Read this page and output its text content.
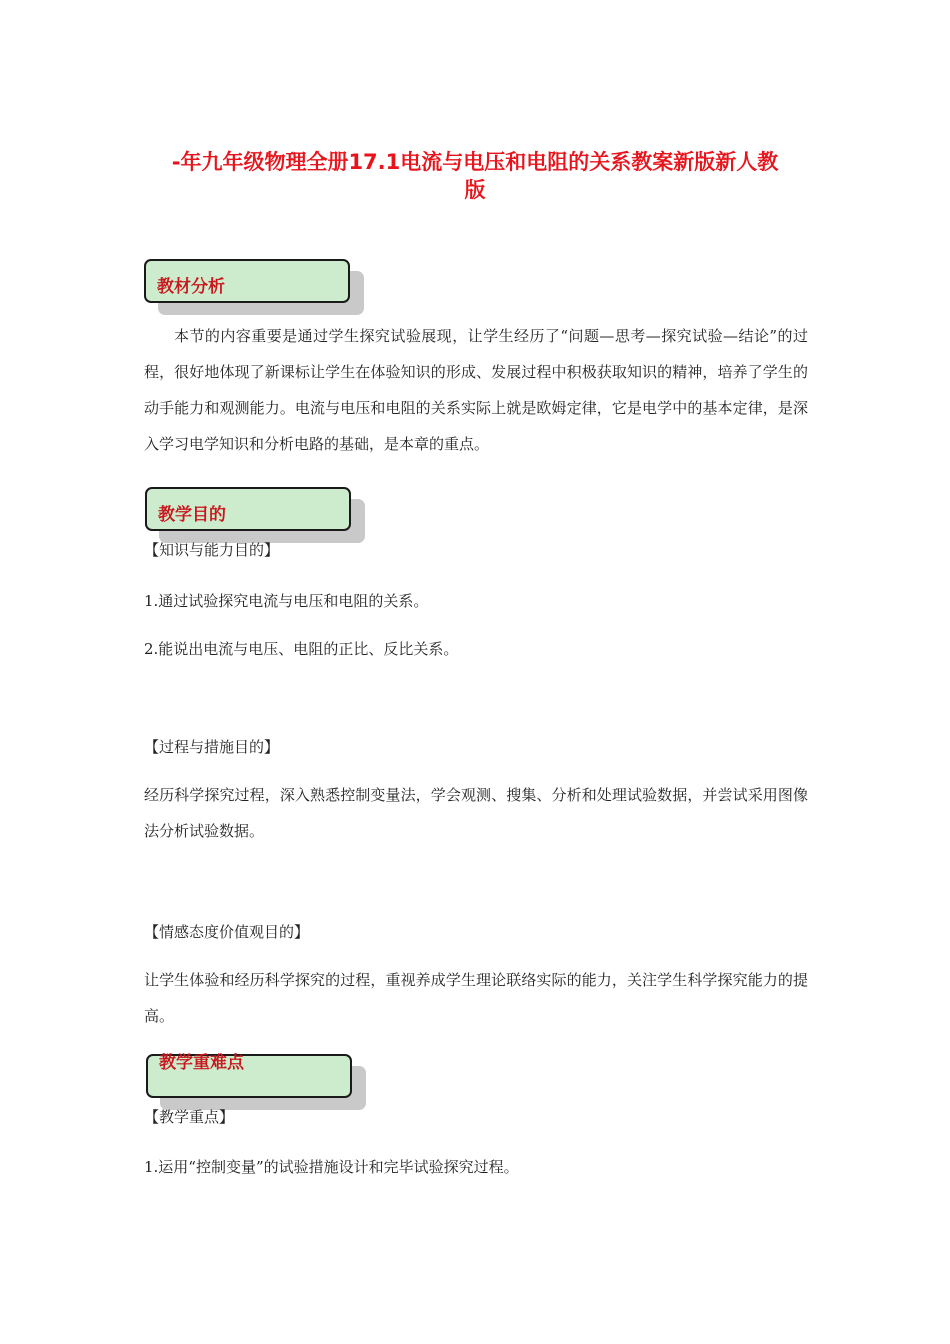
-年九年级物理全册17.1电流与电压和电阻的关系教案新版新人教
版
教材分析

本节的内容重要是通过学生探究试验展现，让学生经历了“问题—思考—探究试验—结论”的过程，很好地体现了新课标让学生在体验知识的形成、发展过程中积极获取知识的精神，培养了学生的动手能力和观测能力。电流与电压和电阻的关系实际上就是欧姆定律，它是电学中的基本定律，是深入学习电学知识和分析电路的基础，是本章的重点。

教学目的

【知识与能力目的】

1.通过试验探究电流与电压和电阻的关系。

2.能说出电流与电压、电阻的正比、反比关系。

【过程与措施目的】

经历科学探究过程，深入熟悉控制变量法，学会观测、搜集、分析和处理试验数据，并尝试采用图像法分析试验数据。

【情感态度价值观目的】

让学生体验和经历科学探究的过程，重视养成学生理论联络实际的能力，关注学生科学探究能力的提高。

教学重难点

【教学重点】

1.运用“控制变量”的试验措施设计和完毕试验探究过程。
